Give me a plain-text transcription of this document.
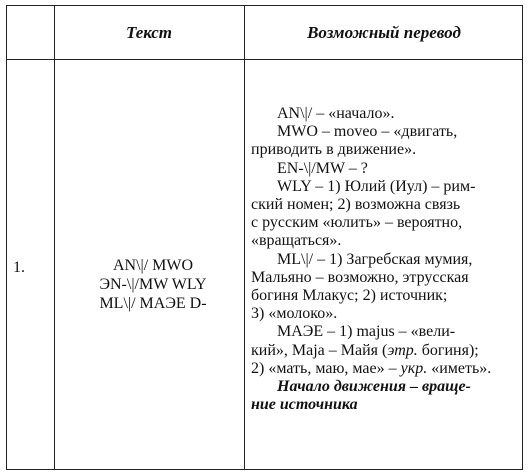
Текст	Возможный перевод
1.	AN\|/ MWO
ЭN-\|/MW WLY
ML\|/ MAЭE D-

AN\|/ – «начало».

MWO – moveo – «двигать,

приводить в движение».

EN-\|/MW – ?

WLY – 1) Юлий (Иул) – рим-

ский номен; 2) возможна связь

с русским «юлить» – вероятно,

«вращаться».

ML\|/ – 1) Загребская мумия,

Мальяно – возможно, этрусская

богиня Млакус; 2) источник;

3) «молоко».

MAЭE – 1) majus – «вели-

кий», Maja – Майя (этр. богиня);

2) «мать, маю, мае» – укр. «иметь».

Начало движения – враще-

ние источника
